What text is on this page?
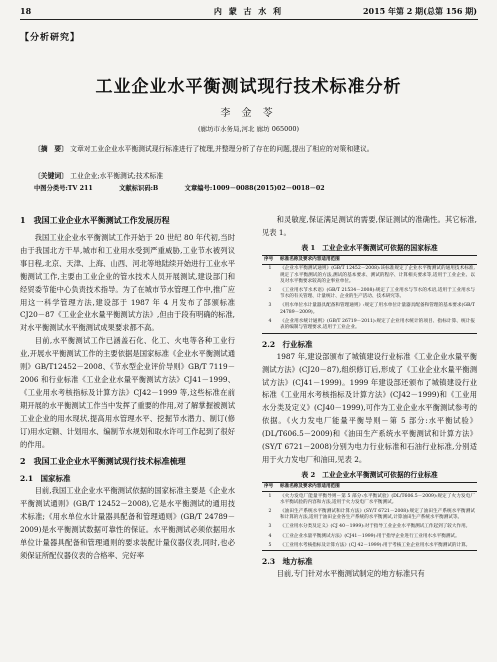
18	内 蒙 古 水 利	2015 年第 2 期(总第 156 期)
【分析研究】
工业企业水平衡测试现行技术标准分析
李 金 苓
(廊坊市水务局,河北 廊坊 065000)
〔摘　要〕 文章对工业企业水平衡测试现行标准进行了梳理,并整理分析了存在的问题,提出了相应的对策和建议。
〔关键词〕 工业企业;水平衡测试;技术标准
中图分类号:TV 211	文献标识码:B	文章编号:1009－0088(2015)02－0018－02
1　我国工业企业水平衡测试工作发展历程

我国工业企业水平衡测试工作开始于 20 世纪 80 年代初,当时由于我国北方干旱,城市和工业用水受到严重威胁,工业节水被列议事日程,北京、天津、上海、山西、河北等地陆续开始进行工业水平衡测试工作,主要由工业企业的管水技术人员开展测试,建设部门和经贸委节能中心负责技术指导。为了在城市节水管理工作中,推广应用这一科学管理方法,建设部于 1987 年 4 月发布了部颁标准 CJ20－87《工业企业水量平衡测试方法》,但由于段有明确的标准,对水平衡测试水平衡测试成果要求都不高。

目前,水平衡测试工作已涵盖石化、化工、火电等各种工业行业,开展水平衡测试工作的主要依据是国家标准《企业水平衡测试通则》GB/T12452－2008、《节水型企业评价导则》GB/T 7119－2006 和行业标准《工业企业水量平衡测试方法》CJ41－1999、《工业用水考核指标及计算方法》CJ42－1999 等,这些标准在前期开展的水平衡测试工作当中发挥了重要的作用,对了解掌握被测试工业企业的用水现状,提高用水管理水平、挖掘节水潜力、制订(修订)用水定额、计划用水、编制节水规划和取水许可工作起到了很好的作用。

2　我国工业企业水平衡测试现行技术标准梳理
2.1　国家标准

目前,我国工业企业水平衡测试依据的国家标准主要是《企业水平衡测试通则》(GB/T 12452－2008),它是水平衡测试的通用技术标准;《用水单位水计量器具配备和管理通则》(GB/T 24789－2009)是水平衡测试数据可靠性的保证。水平衡测试必须依据用水单位计量器具配备和管理通则的要求装配计量仪器仪表,同时,也必须保证所配仪器仪表的合格率、完好率

和灵敏度,保证满足测试的需要,保证测试的准确性。其它标准,见表 1。

表 1　工业企业水平衡测试可依据的国家标准
序号	标准名称及要求内容适用范围
1	《企业水平衡测试通则》(GB/T 12452－2008):该标准规定了企业水平衡测试的通用技术标准,规定了水平衡测试的方法,测试的基本要求、测试的程序、计算相关要求等,适用于工业企业、以及对水平衡要求较高的企事业单位。
2	《工业用水节水术语》(GB/T 21534－2008):规定了工业用水与节水的术语,适用于工业用水与节水的有关管理、计量统计、企业的生产活动、技术研究等。
3	《用水单位水计量器具配备和管理通则》:规定了用水单位计量器具配备和管理的基本要求(GB/T 24789－2009)。
4	《企业用水统计通则》(GB/T 26719－2011):规定了企业用水统计的项目、指标计算、统计报表的编制与管理要求,适用于工业企业。
2.2　行业标准

1987 年,建设部颁布了城镇建设行业标准《工业企业水量平衡测试方法》(CJ20－87),组织修订后,形成了《工业企业水量平衡测试方法》(CJ41－1999)。1999 年建设部还颁布了城镇建设行业标准《工业用水考核指标及计算方法》(CJ42－1999)和《工业用水分类及定义》(CJ40－1999),可作为工业企业水平衡测试参考的依据。《火力发电厂能量平衡导则－第 5 部分:水平衡试验》(DL/T606.5－2009)和《油田生产系统水平衡测试和计算方法》(SY/T 6721－2008)分别为电力行业标准和石油行业标准,分别适用于火力发电厂和油田,见表 2。

表 2　工业企业水平衡测试可依据的行业标准
序号	标准名称及要求内容适用范围
1	《火力发电厂能量平衡导则－第 5 部分:水平衡试验》(DL/T606.5－2009):规定了火力发电厂水平衡试验的内容和方法,适用于火力发电厂水平衡测试。
2	《油田生产系统水平衡测试和计算方法》(SY/T 6721－2008):规定了油田生产系统水平衡测试和计算的方法,适用于油田企业各生产系统的水平衡测试,计算油田生产系统水平衡测试等。
3	《工业用水分类及定义》(CJ 40－1999):对于指导工业企业水平衡测试工作起到了较大作用。
4	《工业企业水量平衡测试方法》(CJ41－1999):用于指导企业进行工业用水水平衡测试。
5	《工业用水考核指标及计算方法》(CJ 42－1999):用于考核工业企业用水水平衡测试的计算。
2.3　地方标准

目前,专门针对水平衡测试制定的地方标准只有
